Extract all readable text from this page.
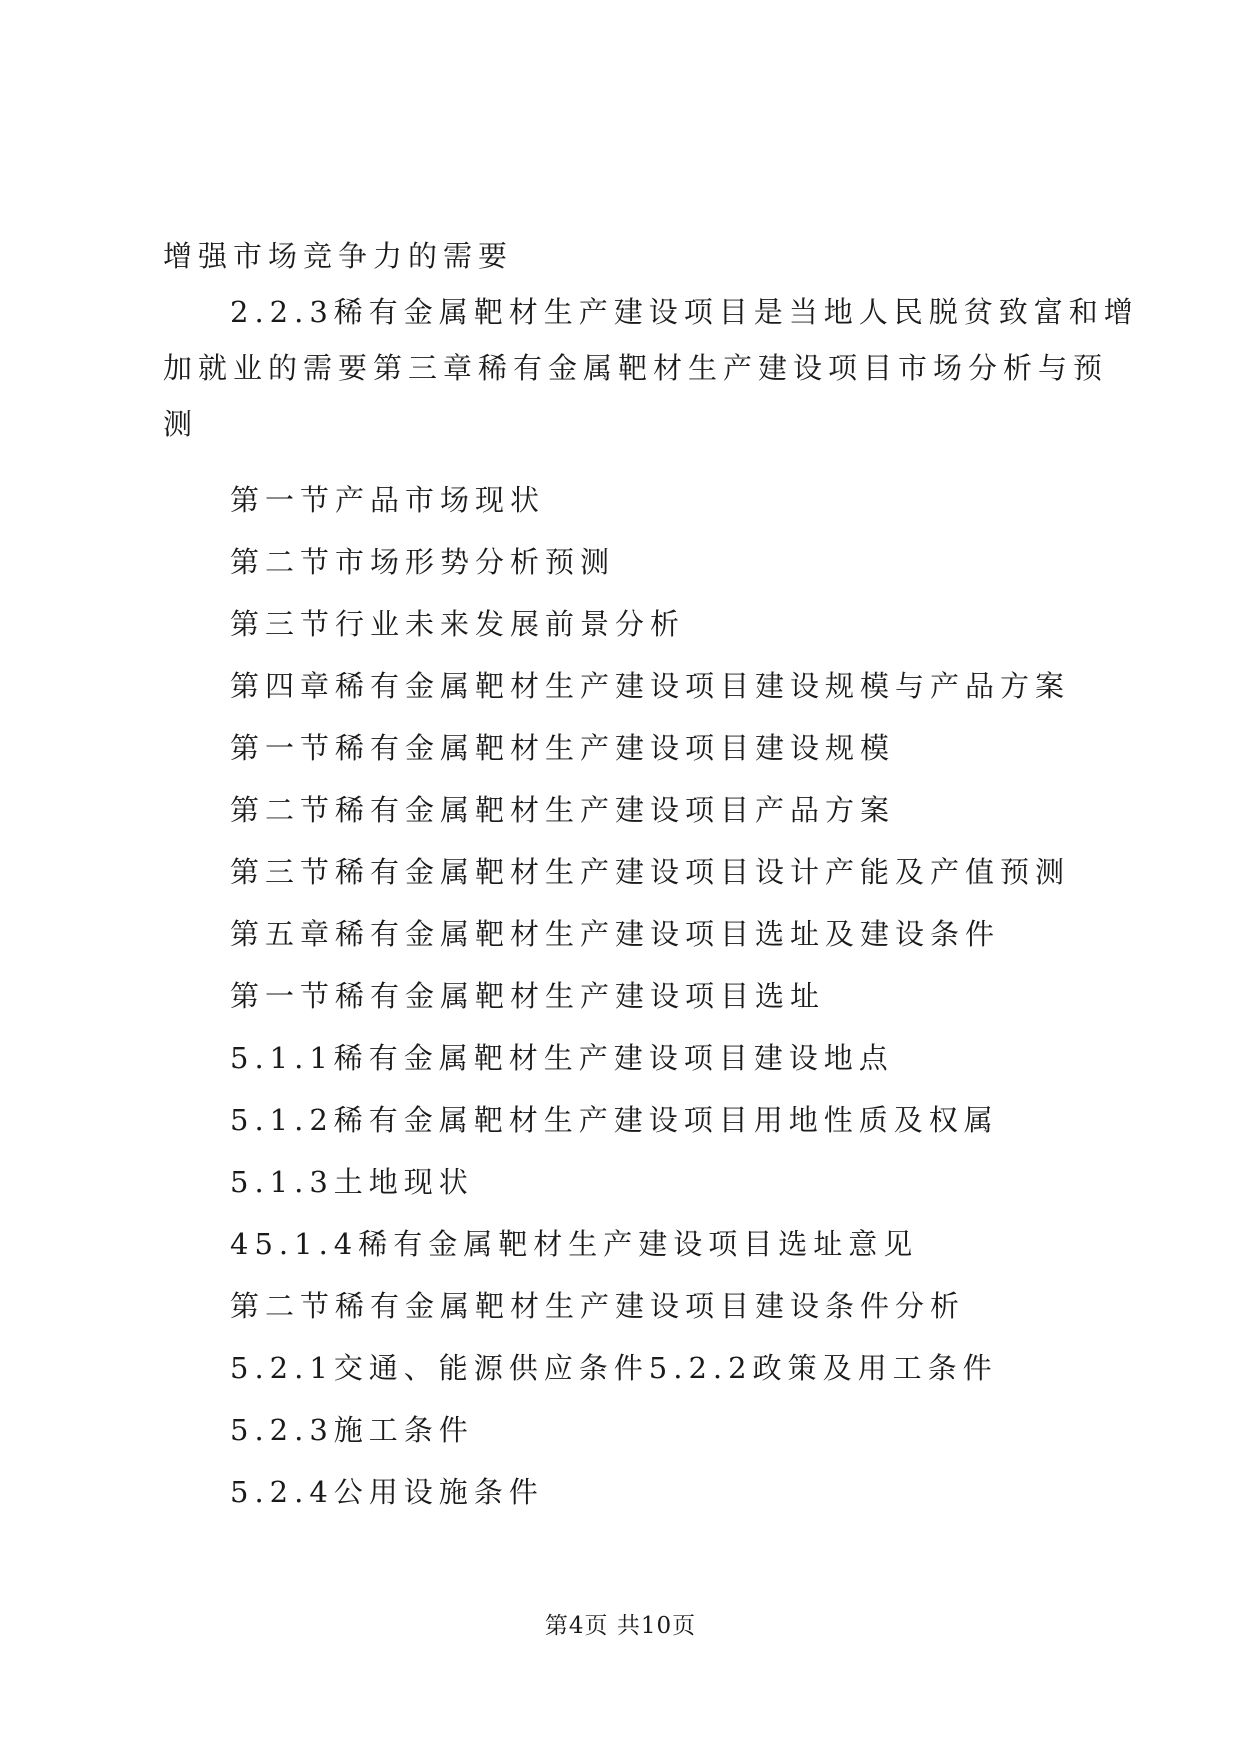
增强市场竞争力的需要
2.2.3稀有金属靶材生产建设项目是当地人民脱贫致富和增
加就业的需要第三章稀有金属靶材生产建设项目市场分析与预
测
第一节产品市场现状
第二节市场形势分析预测
第三节行业未来发展前景分析
第四章稀有金属靶材生产建设项目建设规模与产品方案
第一节稀有金属靶材生产建设项目建设规模
第二节稀有金属靶材生产建设项目产品方案
第三节稀有金属靶材生产建设项目设计产能及产值预测
第五章稀有金属靶材生产建设项目选址及建设条件
第一节稀有金属靶材生产建设项目选址
5.1.1稀有金属靶材生产建设项目建设地点
5.1.2稀有金属靶材生产建设项目用地性质及权属
5.1.3土地现状
45.1.4稀有金属靶材生产建设项目选址意见
第二节稀有金属靶材生产建设项目建设条件分析
5.2.1交通、能源供应条件5.2.2政策及用工条件
5.2.3施工条件
5.2.4公用设施条件
第4页 共10页
